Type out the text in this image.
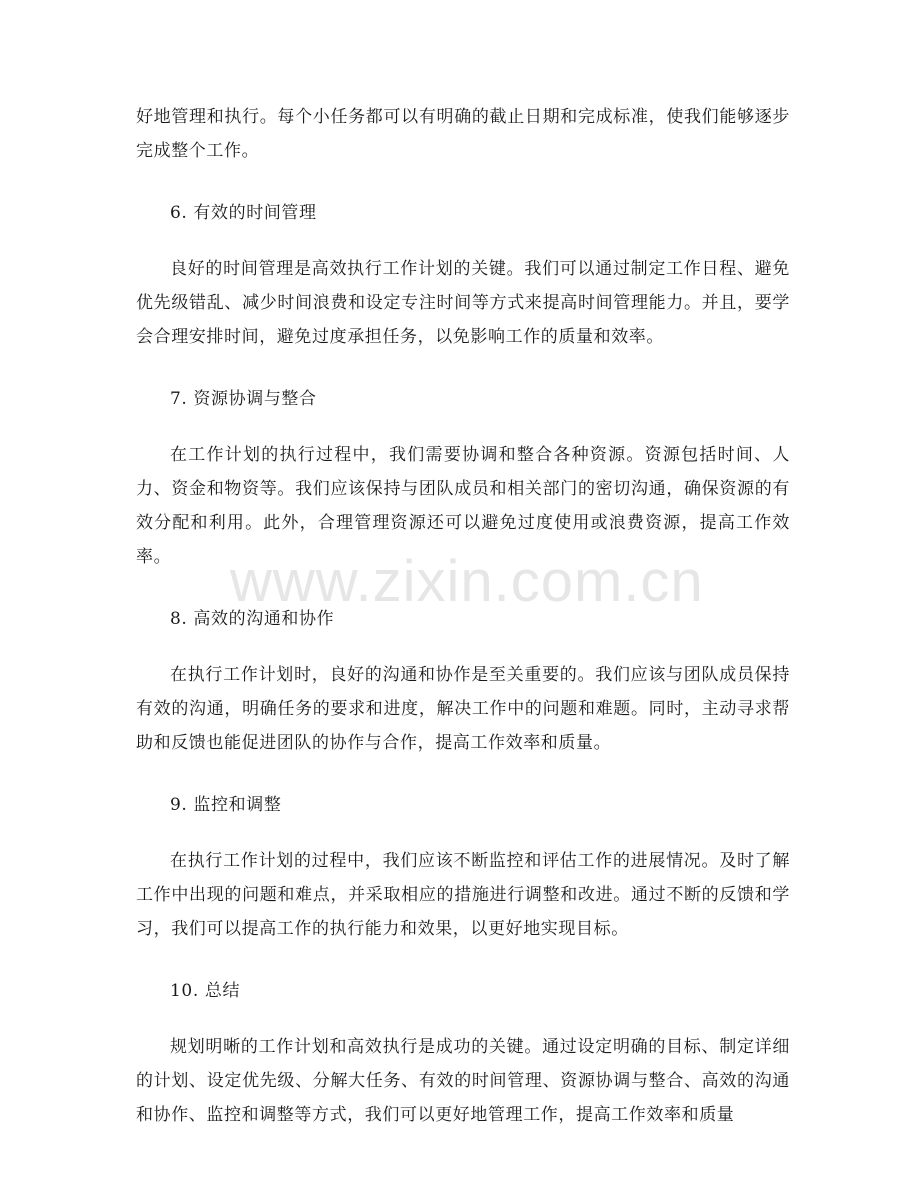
好地管理和执行。每个小任务都可以有明确的截止日期和完成标准，使我们能够逐步完成整个工作。

6. 有效的时间管理

良好的时间管理是高效执行工作计划的关键。我们可以通过制定工作日程、避免优先级错乱、减少时间浪费和设定专注时间等方式来提高时间管理能力。并且，要学会合理安排时间，避免过度承担任务，以免影响工作的质量和效率。

7. 资源协调与整合

在工作计划的执行过程中，我们需要协调和整合各种资源。资源包括时间、人力、资金和物资等。我们应该保持与团队成员和相关部门的密切沟通，确保资源的有效分配和利用。此外，合理管理资源还可以避免过度使用或浪费资源，提高工作效率。

8. 高效的沟通和协作

在执行工作计划时，良好的沟通和协作是至关重要的。我们应该与团队成员保持有效的沟通，明确任务的要求和进度，解决工作中的问题和难题。同时，主动寻求帮助和反馈也能促进团队的协作与合作，提高工作效率和质量。

9. 监控和调整

在执行工作计划的过程中，我们应该不断监控和评估工作的进展情况。及时了解工作中出现的问题和难点，并采取相应的措施进行调整和改进。通过不断的反馈和学习，我们可以提高工作的执行能力和效果，以更好地实现目标。

10. 总结

规划明晰的工作计划和高效执行是成功的关键。通过设定明确的目标、制定详细的计划、设定优先级、分解大任务、有效的时间管理、资源协调与整合、高效的沟通和协作、监控和调整等方式，我们可以更好地管理工作，提高工作效率和质量

www.zixin.com.cn
